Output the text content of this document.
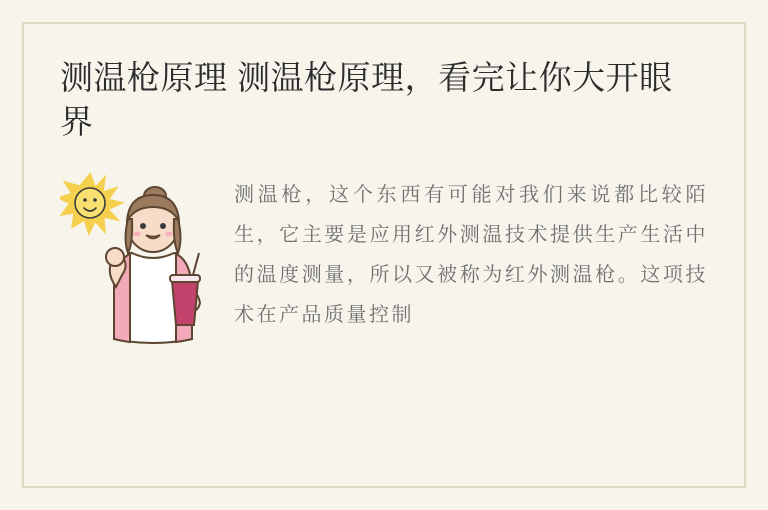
测温枪原理 测温枪原理，看完让你大开眼界
测温枪，这个东西有可能对我们来说都比较陌生，它主要是应用红外测温技术提供生产生活中的温度测量，所以又被称为红外测温枪。这项技术在产品质量控制
